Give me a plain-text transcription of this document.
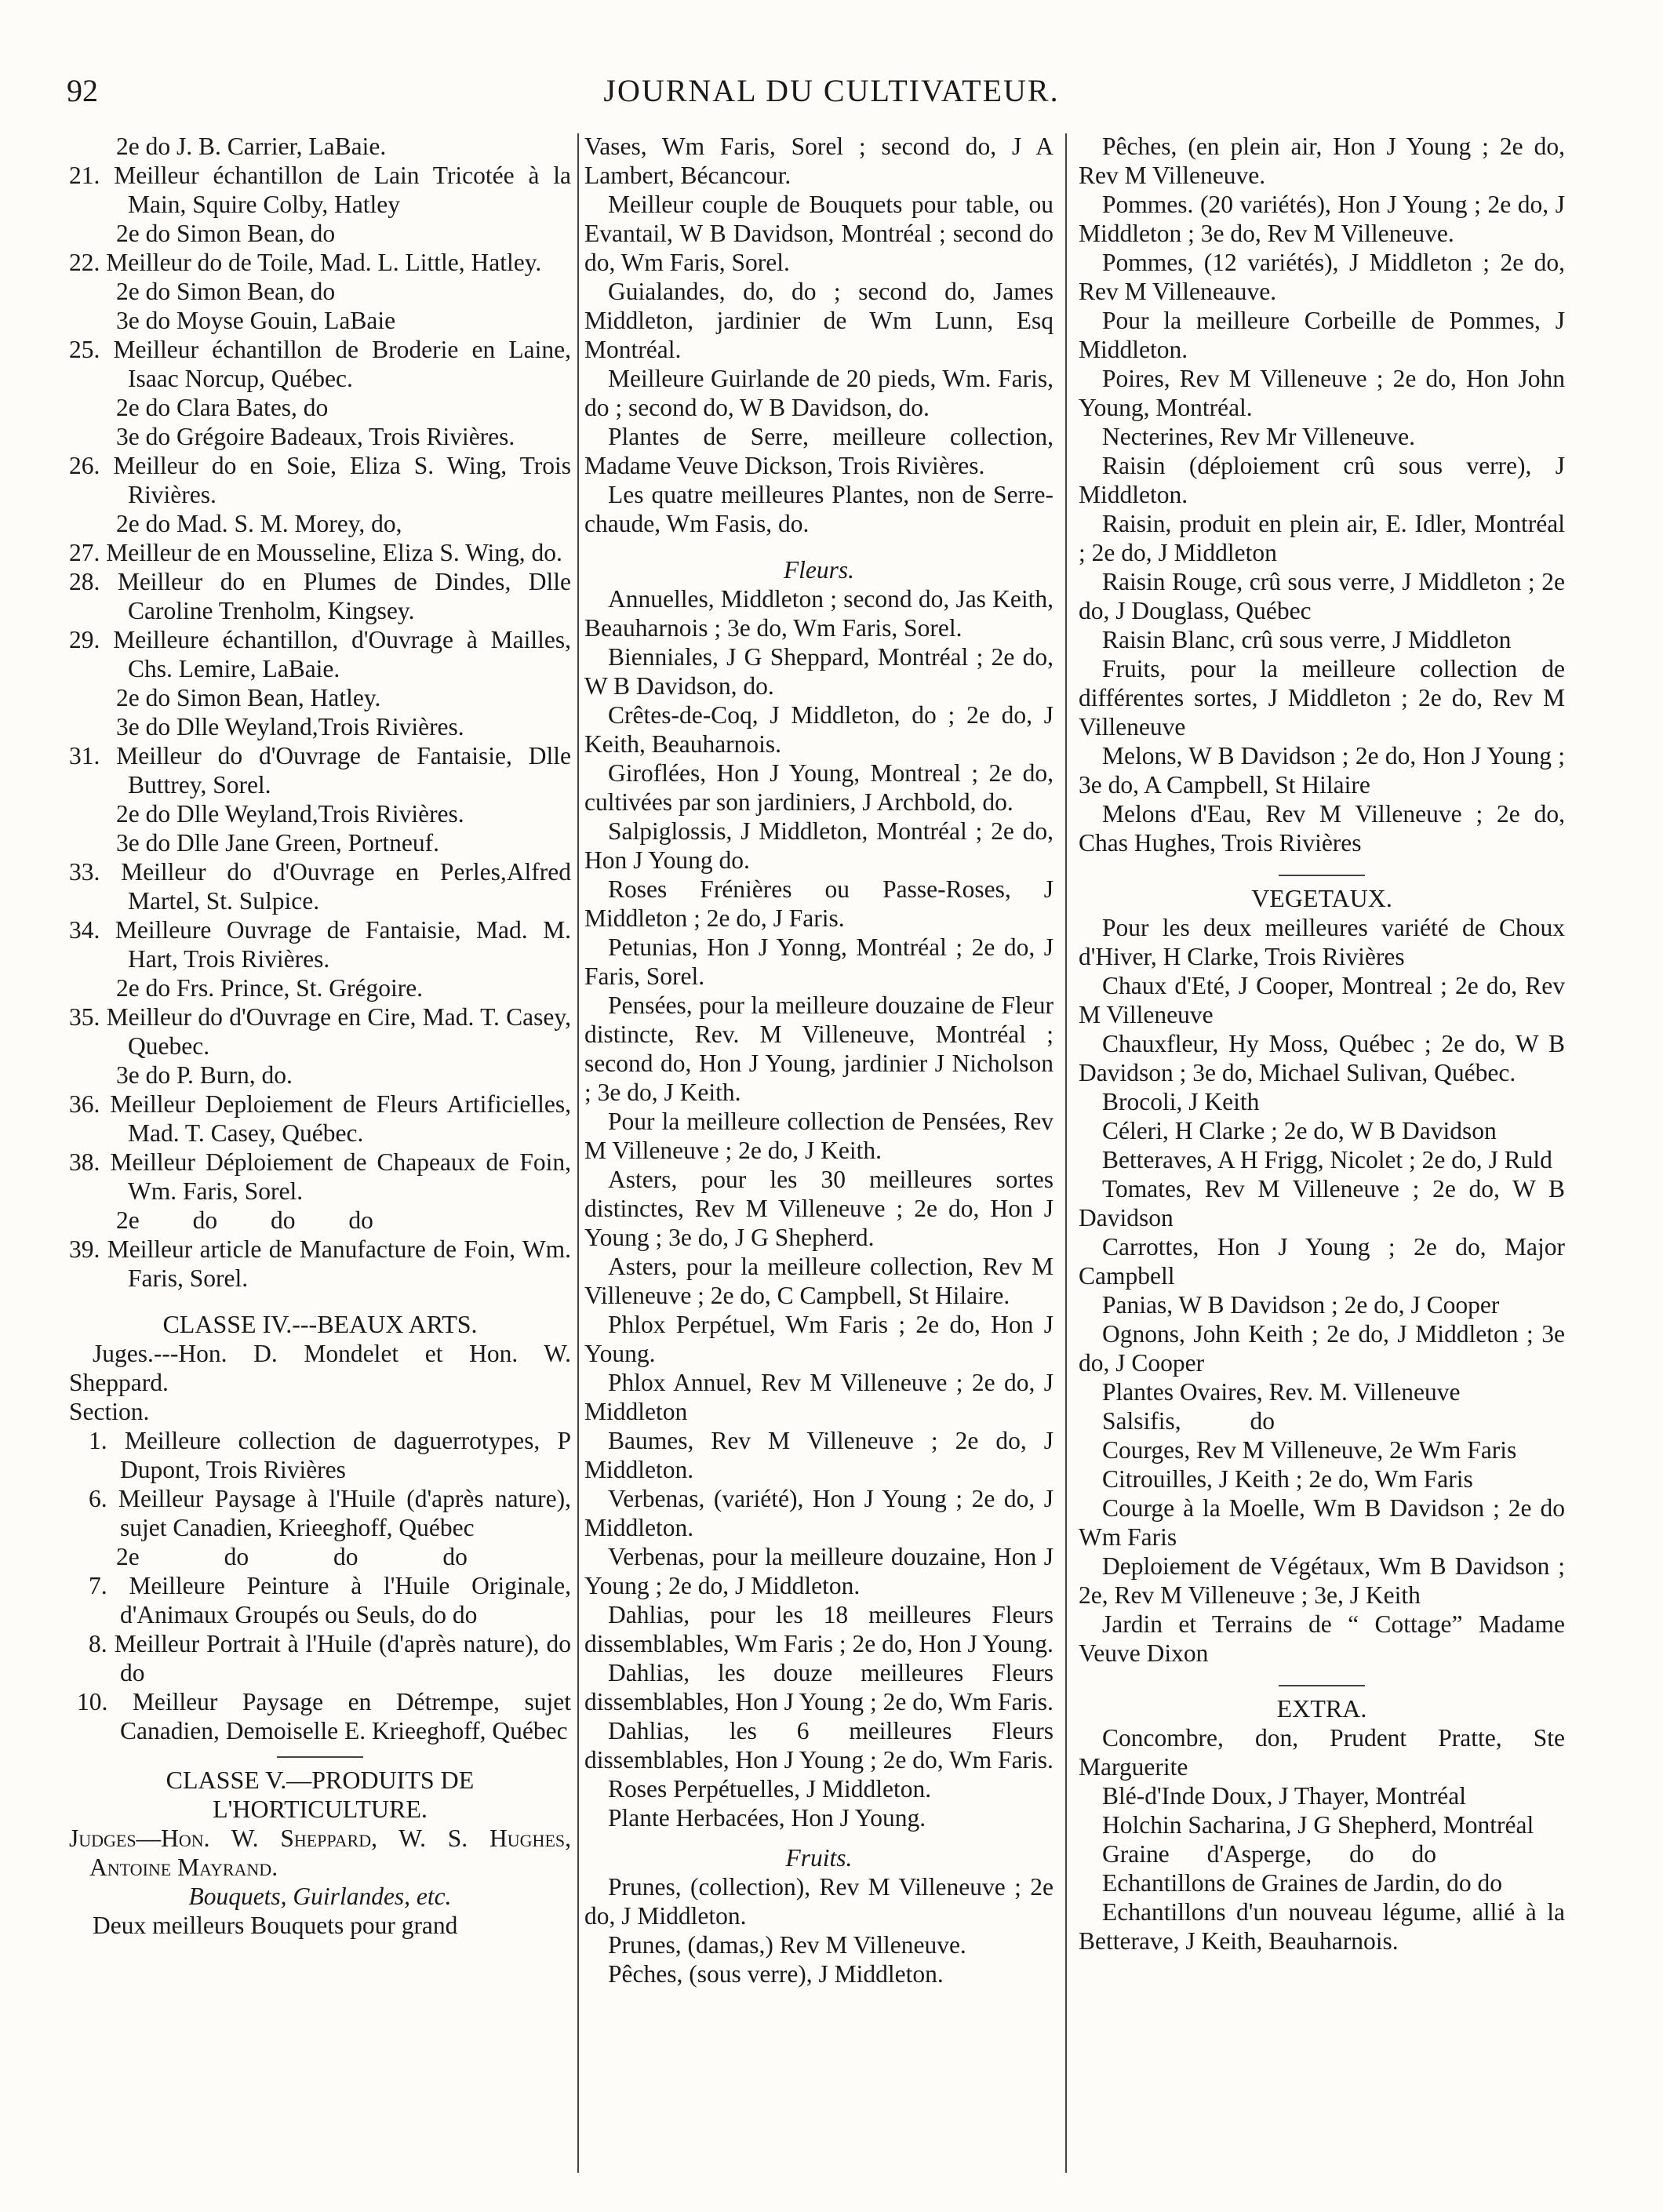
92	JOURNAL DU CULTIVATEUR.

2e do J. B. Carrier, LaBaie.

21. Meilleur échantillon de Lain Tricotée à la Main, Squire Colby, Hatley

2e do Simon Bean, do

22. Meilleur do de Toile, Mad. L. Little, Hatley.

2e do Simon Bean, do

3e do Moyse Gouin, LaBaie

25. Meilleur échantillon de Broderie en Laine, Isaac Norcup, Québec.

2e do Clara Bates, do

3e do Grégoire Badeaux, Trois Rivières.

26. Meilleur do en Soie, Eliza S. Wing, Trois Rivières.

2e do Mad. S. M. Morey, do,

27. Meilleur de en Mousseline, Eliza S. Wing, do.

28. Meilleur do en Plumes de Dindes, Dlle Caroline Trenholm, Kingsey.

29. Meilleure échantillon, d'Ouvrage à Mailles, Chs. Lemire, LaBaie.

2e do Simon Bean, Hatley.

3e do Dlle Weyland,Trois Rivières.

31. Meilleur do d'Ouvrage de Fantaisie, Dlle Buttrey, Sorel.

2e do Dlle Weyland,Trois Rivières.

3e do Dlle Jane Green, Portneuf.

33. Meilleur do d'Ouvrage en Perles,Alfred Martel, St. Sulpice.

34. Meilleure Ouvrage de Fantaisie, Mad. M. Hart, Trois Rivières.

2e do Frs. Prince, St. Grégoire.

35. Meilleur do d'Ouvrage en Cire, Mad. T. Casey, Quebec.

3e do P. Burn, do.

36. Meilleur Deploiement de Fleurs Artificielles, Mad. T. Casey, Québec.

38. Meilleur Déploiement de Chapeaux de Foin, Wm. Faris, Sorel.

2e do do do

39. Meilleur article de Manufacture de Foin, Wm. Faris, Sorel.

CLASSE IV.---BEAUX ARTS.

Juges.---Hon. D. Mondelet et Hon. W. Sheppard.

Section.

1. Meilleure collection de daguerrotypes, P Dupont, Trois Rivières

6. Meilleur Paysage à l'Huile (d'après nature), sujet Canadien, Krieeghoff, Québec

2e do do do

7. Meilleure Peinture à l'Huile Originale, d'Animaux Groupés ou Seuls, do do

8. Meilleur Portrait à l'Huile (d'après nature), do do

10. Meilleur Paysage en Détrempe, sujet Canadien, Demoiselle E. Krieeghoff, Québec

CLASSE V.—PRODUITS DE L'HORTICULTURE.

Judges—Hon. W. Sheppard, W. S. Hughes, Antoine Mayrand.

Bouquets, Guirlandes, etc.

Deux meilleurs Bouquets pour grand

Vases, Wm Faris, Sorel ; second do, J A Lambert, Bécancour.

Meilleur couple de Bouquets pour table, ou Evantail, W B Davidson, Montréal ; second do do, Wm Faris, Sorel.

Guialandes, do, do ; second do, James Middleton, jardinier de Wm Lunn, Esq Montréal.

Meilleure Guirlande de 20 pieds, Wm. Faris, do ; second do, W B Davidson, do.

Plantes de Serre, meilleure collection, Madame Veuve Dickson, Trois Rivières.

Les quatre meilleures Plantes, non de Serre-chaude, Wm Fasis, do.

Fleurs.

Annuelles, Middleton ; second do, Jas Keith, Beauharnois ; 3e do, Wm Faris, Sorel.

Bienniales, J G Sheppard, Montréal ; 2e do, W B Davidson, do.

Crêtes-de-Coq, J Middleton, do ; 2e do, J Keith, Beauharnois.

Giroflées, Hon J Young, Montreal ; 2e do, cultivées par son jardiniers, J Archbold, do.

Salpiglossis, J Middleton, Montréal ; 2e do, Hon J Young do.

Roses Frénières ou Passe-Roses, J Middleton ; 2e do, J Faris.

Petunias, Hon J Yonng, Montréal ; 2e do, J Faris, Sorel.

Pensées, pour la meilleure douzaine de Fleur distincte, Rev. M Villeneuve, Montréal ; second do, Hon J Young, jardinier J Nicholson ; 3e do, J Keith.

Pour la meilleure collection de Pensées, Rev M Villeneuve ; 2e do, J Keith.

Asters, pour les 30 meilleures sortes distinctes, Rev M Villeneuve ; 2e do, Hon J Young ; 3e do, J G Shepherd.

Asters, pour la meilleure collection, Rev M Villeneuve ; 2e do, C Campbell, St Hilaire.

Phlox Perpétuel, Wm Faris ; 2e do, Hon J Young.

Phlox Annuel, Rev M Villeneuve ; 2e do, J Middleton

Baumes, Rev M Villeneuve ; 2e do, J Middleton.

Verbenas, (variété), Hon J Young ; 2e do, J Middleton.

Verbenas, pour la meilleure douzaine, Hon J Young ; 2e do, J Middleton.

Dahlias, pour les 18 meilleures Fleurs dissemblables, Wm Faris ; 2e do, Hon J Young.

Dahlias, les douze meilleures Fleurs dissemblables, Hon J Young ; 2e do, Wm Faris.

Dahlias, les 6 meilleures Fleurs dissemblables, Hon J Young ; 2e do, Wm Faris.

Roses Perpétuelles, J Middleton.

Plante Herbacées, Hon J Young.

Fruits.

Prunes, (collection), Rev M Villeneuve ; 2e do, J Middleton.

Prunes, (damas,) Rev M Villeneuve.

Pêches, (sous verre), J Middleton.

Pêches, (en plein air, Hon J Young ; 2e do, Rev M Villeneuve.

Pommes. (20 variétés), Hon J Young ; 2e do, J Middleton ; 3e do, Rev M Villeneuve.

Pommes, (12 variétés), J Middleton ; 2e do, Rev M Villeneauve.

Pour la meilleure Corbeille de Pommes, J Middleton.

Poires, Rev M Villeneuve ; 2e do, Hon John Young, Montréal.

Necterines, Rev Mr Villeneuve.

Raisin (déploiement crû sous verre), J Middleton.

Raisin, produit en plein air, E. Idler, Montréal ; 2e do, J Middleton

Raisin Rouge, crû sous verre, J Middleton ; 2e do, J Douglass, Québec

Raisin Blanc, crû sous verre, J Middleton

Fruits, pour la meilleure collection de différentes sortes, J Middleton ; 2e do, Rev M Villeneuve

Melons, W B Davidson ; 2e do, Hon J Young ; 3e do, A Campbell, St Hilaire

Melons d'Eau, Rev M Villeneuve ; 2e do, Chas Hughes, Trois Rivières

VEGETAUX.

Pour les deux meilleures variété de Choux d'Hiver, H Clarke, Trois Rivières

Chaux d'Eté, J Cooper, Montreal ; 2e do, Rev M Villeneuve

Chauxfleur, Hy Moss, Québec ; 2e do, W B Davidson ; 3e do, Michael Sulivan, Québec.

Brocoli, J Keith

Céleri, H Clarke ; 2e do, W B Davidson

Betteraves, A H Frigg, Nicolet ; 2e do, J Ruld

Tomates, Rev M Villeneuve ; 2e do, W B Davidson

Carrottes, Hon J Young ; 2e do, Major Campbell

Panias, W B Davidson ; 2e do, J Cooper

Ognons, John Keith ; 2e do, J Middleton ; 3e do, J Cooper

Plantes Ovaires, Rev. M. Villeneuve

Salsifis, do

Courges, Rev M Villeneuve, 2e Wm Faris

Citrouilles, J Keith ; 2e do, Wm Faris

Courge à la Moelle, Wm B Davidson ; 2e do Wm Faris

Deploiement de Végétaux, Wm B Davidson ; 2e, Rev M Villeneuve ; 3e, J Keith

Jardin et Terrains de “ Cottage” Madame Veuve Dixon

EXTRA.

Concombre, don, Prudent Pratte, Ste Marguerite

Blé-d'Inde Doux, J Thayer, Montréal

Holchin Sacharina, J G Shepherd, Montréal

Graine d'Asperge, do do

Echantillons de Graines de Jardin, do do

Echantillons d'un nouveau légume, allié à la Betterave, J Keith, Beauharnois.
